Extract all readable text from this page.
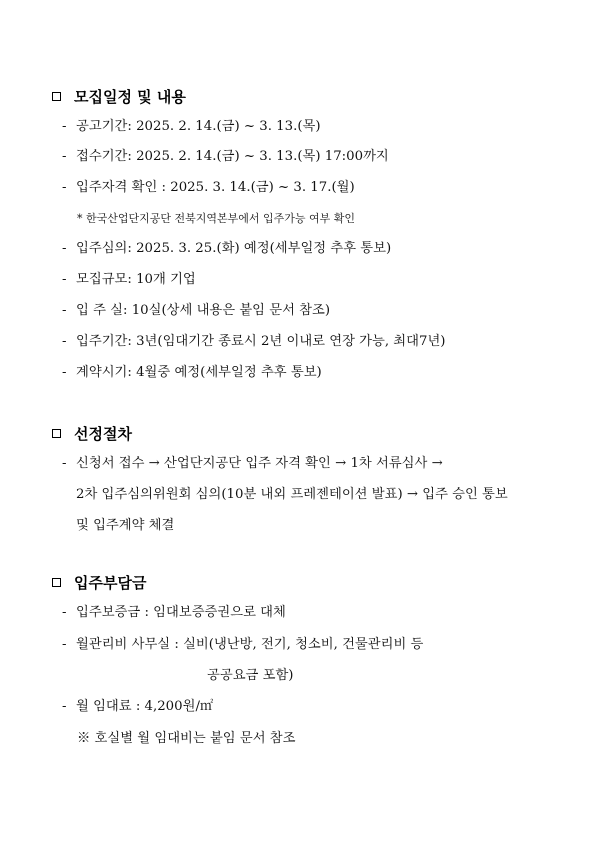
모집일정 및 내용
- 공고기간: 2025. 2. 14.(금) ~ 3. 13.(목)
- 접수기간: 2025. 2. 14.(금) ~ 3. 13.(목) 17:00까지
- 입주자격 확인 : 2025. 3. 14.(금) ~ 3. 17.(월)
* 한국산업단지공단 전북지역본부에서 입주가능 여부 확인
- 입주심의: 2025. 3. 25.(화) 예정(세부일정 추후 통보)
- 모집규모: 10개 기업
- 입 주 실: 10실(상세 내용은 붙임 문서 참조)
- 입주기간: 3년(임대기간 종료시 2년 이내로 연장 가능, 최대7년)
- 계약시기: 4월중 예정(세부일정 추후 통보)
선정절차
- 신청서 접수 → 산업단지공단 입주 자격 확인 → 1차 서류심사 →
2차 입주심의위원회 심의(10분 내외 프레젠테이션 발표) → 입주 승인 통보
및 입주계약 체결
입주부담금
- 입주보증금 : 임대보증증권으로 대체
- 월관리비 사무실 : 실비(냉난방, 전기, 청소비, 건물관리비 등
공공요금 포함)
- 월 임대료 : 4,200원/㎡
※ 호실별 월 임대비는 붙임 문서 참조
